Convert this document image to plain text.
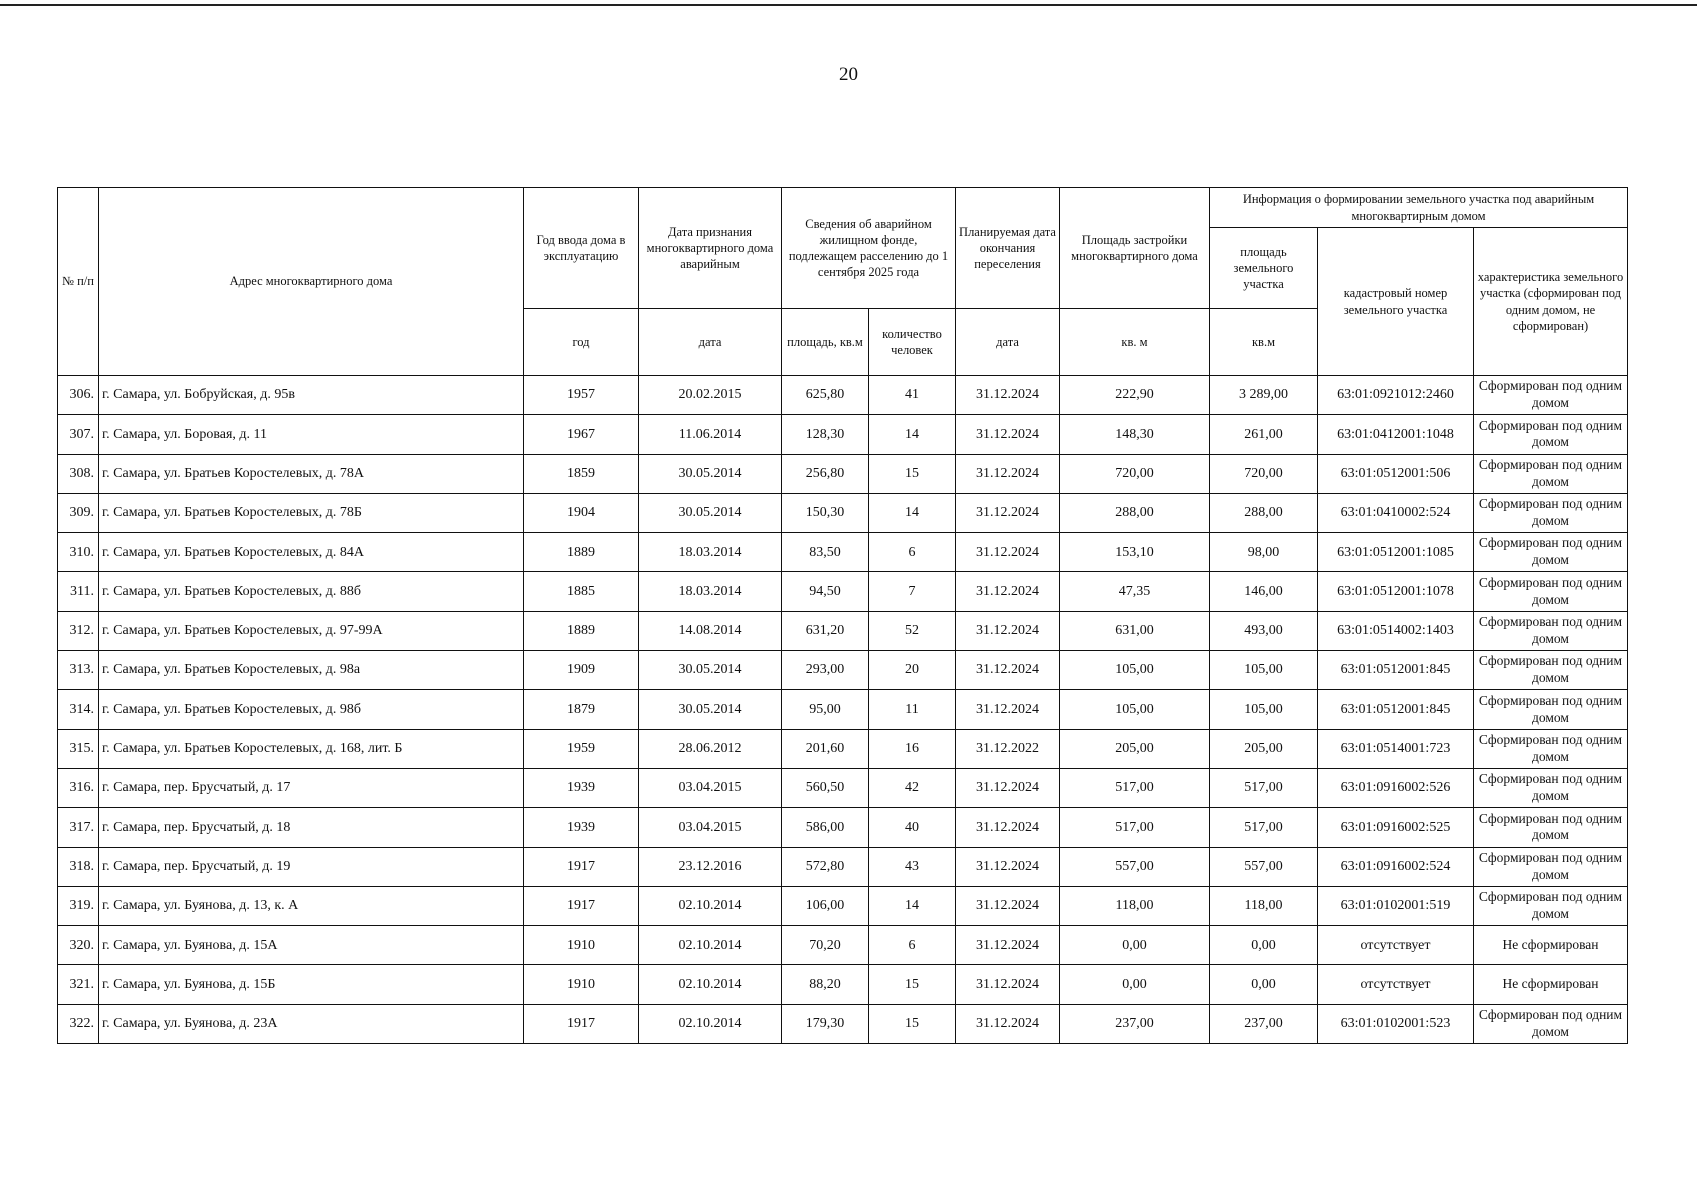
20
№ п/п	Адрес многоквартирного дома	Год ввода дома в эксплуатацию	Дата признания многоквартирного дома аварийным	Сведения об аварийном жилищном фонде, подлежащем расселению до 1 сентября 2025 года		Планируемая дата окончания переселения	Площадь застройки многоквартирного дома	Информация о формировании земельного участка под аварийным многоквартирным домом		
								площадь земельного участка	кадастровый номер земельного участка	характеристика земельного участка (сформирован под одним домом, не сформирован)
		год	дата	площадь, кв.м	количество человек	дата	кв. м	кв.м		
306.	г. Самара, ул. Бобруйская, д. 95в	1957	20.02.2015	625,80	41	31.12.2024	222,90	3 289,00	63:01:0921012:2460	Сформирован под одним домом
307.	г. Самара, ул. Боровая, д. 11	1967	11.06.2014	128,30	14	31.12.2024	148,30	261,00	63:01:0412001:1048	Сформирован под одним домом
308.	г. Самара, ул. Братьев Коростелевых, д. 78А	1859	30.05.2014	256,80	15	31.12.2024	720,00	720,00	63:01:0512001:506	Сформирован под одним домом
309.	г. Самара, ул. Братьев Коростелевых, д. 78Б	1904	30.05.2014	150,30	14	31.12.2024	288,00	288,00	63:01:0410002:524	Сформирован под одним домом
310.	г. Самара, ул. Братьев Коростелевых, д. 84А	1889	18.03.2014	83,50	6	31.12.2024	153,10	98,00	63:01:0512001:1085	Сформирован под одним домом
311.	г. Самара, ул. Братьев Коростелевых, д. 88б	1885	18.03.2014	94,50	7	31.12.2024	47,35	146,00	63:01:0512001:1078	Сформирован под одним домом
312.	г. Самара, ул. Братьев Коростелевых, д. 97-99А	1889	14.08.2014	631,20	52	31.12.2024	631,00	493,00	63:01:0514002:1403	Сформирован под одним домом
313.	г. Самара, ул. Братьев Коростелевых, д. 98а	1909	30.05.2014	293,00	20	31.12.2024	105,00	105,00	63:01:0512001:845	Сформирован под одним домом
314.	г. Самара, ул. Братьев Коростелевых, д. 98б	1879	30.05.2014	95,00	11	31.12.2024	105,00	105,00	63:01:0512001:845	Сформирован под одним домом
315.	г. Самара, ул. Братьев Коростелевых, д. 168, лит. Б	1959	28.06.2012	201,60	16	31.12.2022	205,00	205,00	63:01:0514001:723	Сформирован под одним домом
316.	г. Самара, пер. Брусчатый, д. 17	1939	03.04.2015	560,50	42	31.12.2024	517,00	517,00	63:01:0916002:526	Сформирован под одним домом
317.	г. Самара, пер. Брусчатый, д. 18	1939	03.04.2015	586,00	40	31.12.2024	517,00	517,00	63:01:0916002:525	Сформирован под одним домом
318.	г. Самара, пер. Брусчатый, д. 19	1917	23.12.2016	572,80	43	31.12.2024	557,00	557,00	63:01:0916002:524	Сформирован под одним домом
319.	г. Самара, ул. Буянова, д. 13, к. А	1917	02.10.2014	106,00	14	31.12.2024	118,00	118,00	63:01:0102001:519	Сформирован под одним домом
320.	г. Самара, ул. Буянова, д. 15А	1910	02.10.2014	70,20	6	31.12.2024	0,00	0,00	отсутствует	Не сформирован
321.	г. Самара, ул. Буянова, д. 15Б	1910	02.10.2014	88,20	15	31.12.2024	0,00	0,00	отсутствует	Не сформирован
322.	г. Самара, ул. Буянова, д. 23А	1917	02.10.2014	179,30	15	31.12.2024	237,00	237,00	63:01:0102001:523	Сформирован под одним домом
